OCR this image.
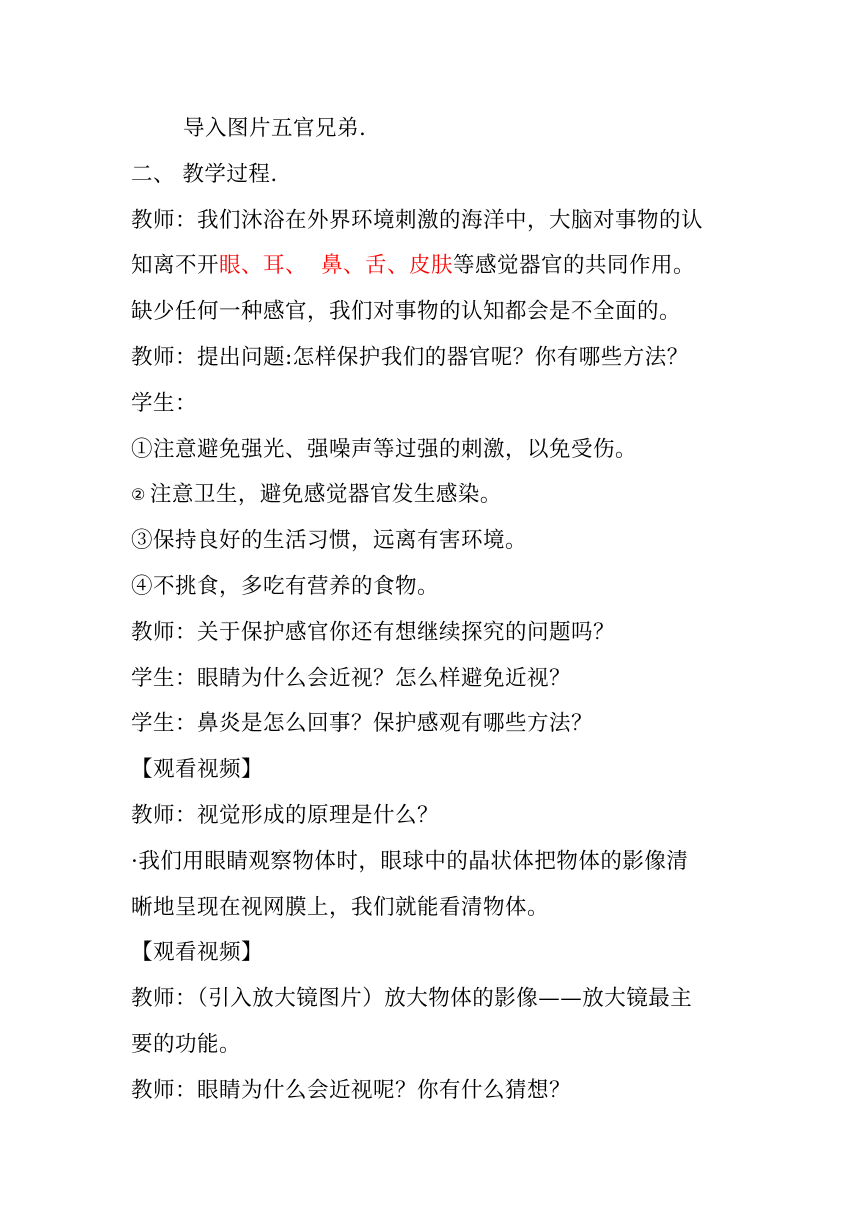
导入图片五官兄弟.
二、 教学过程.
教师：我们沐浴在外界环境刺激的海洋中，大脑对事物的认
知离不开眼、耳、 鼻、舌、皮肤等感觉器官的共同作用。
缺少任何一种感官，我们对事物的认知都会是不全面的。
教师：提出问题:怎样保护我们的器官呢？你有哪些方法？
学生：
①注意避免强光、强噪声等过强的刺激，以免受伤。
② 注意卫生，避免感觉器官发生感染。
③保持良好的生活习惯，远离有害环境。
④不挑食，多吃有营养的食物。
教师：关于保护感官你还有想继续探究的问题吗？
学生：眼睛为什么会近视？怎么样避免近视？
学生：鼻炎是怎么回事？保护感观有哪些方法？
【观看视频】
教师：视觉形成的原理是什么？
·我们用眼睛观察物体时，眼球中的晶状体把物体的影像清
晰地呈现在视网膜上，我们就能看清物体。
【观看视频】
教师：（引入放大镜图片）放大物体的影像——放大镜最主
要的功能。
教师：眼睛为什么会近视呢？你有什么猜想？
